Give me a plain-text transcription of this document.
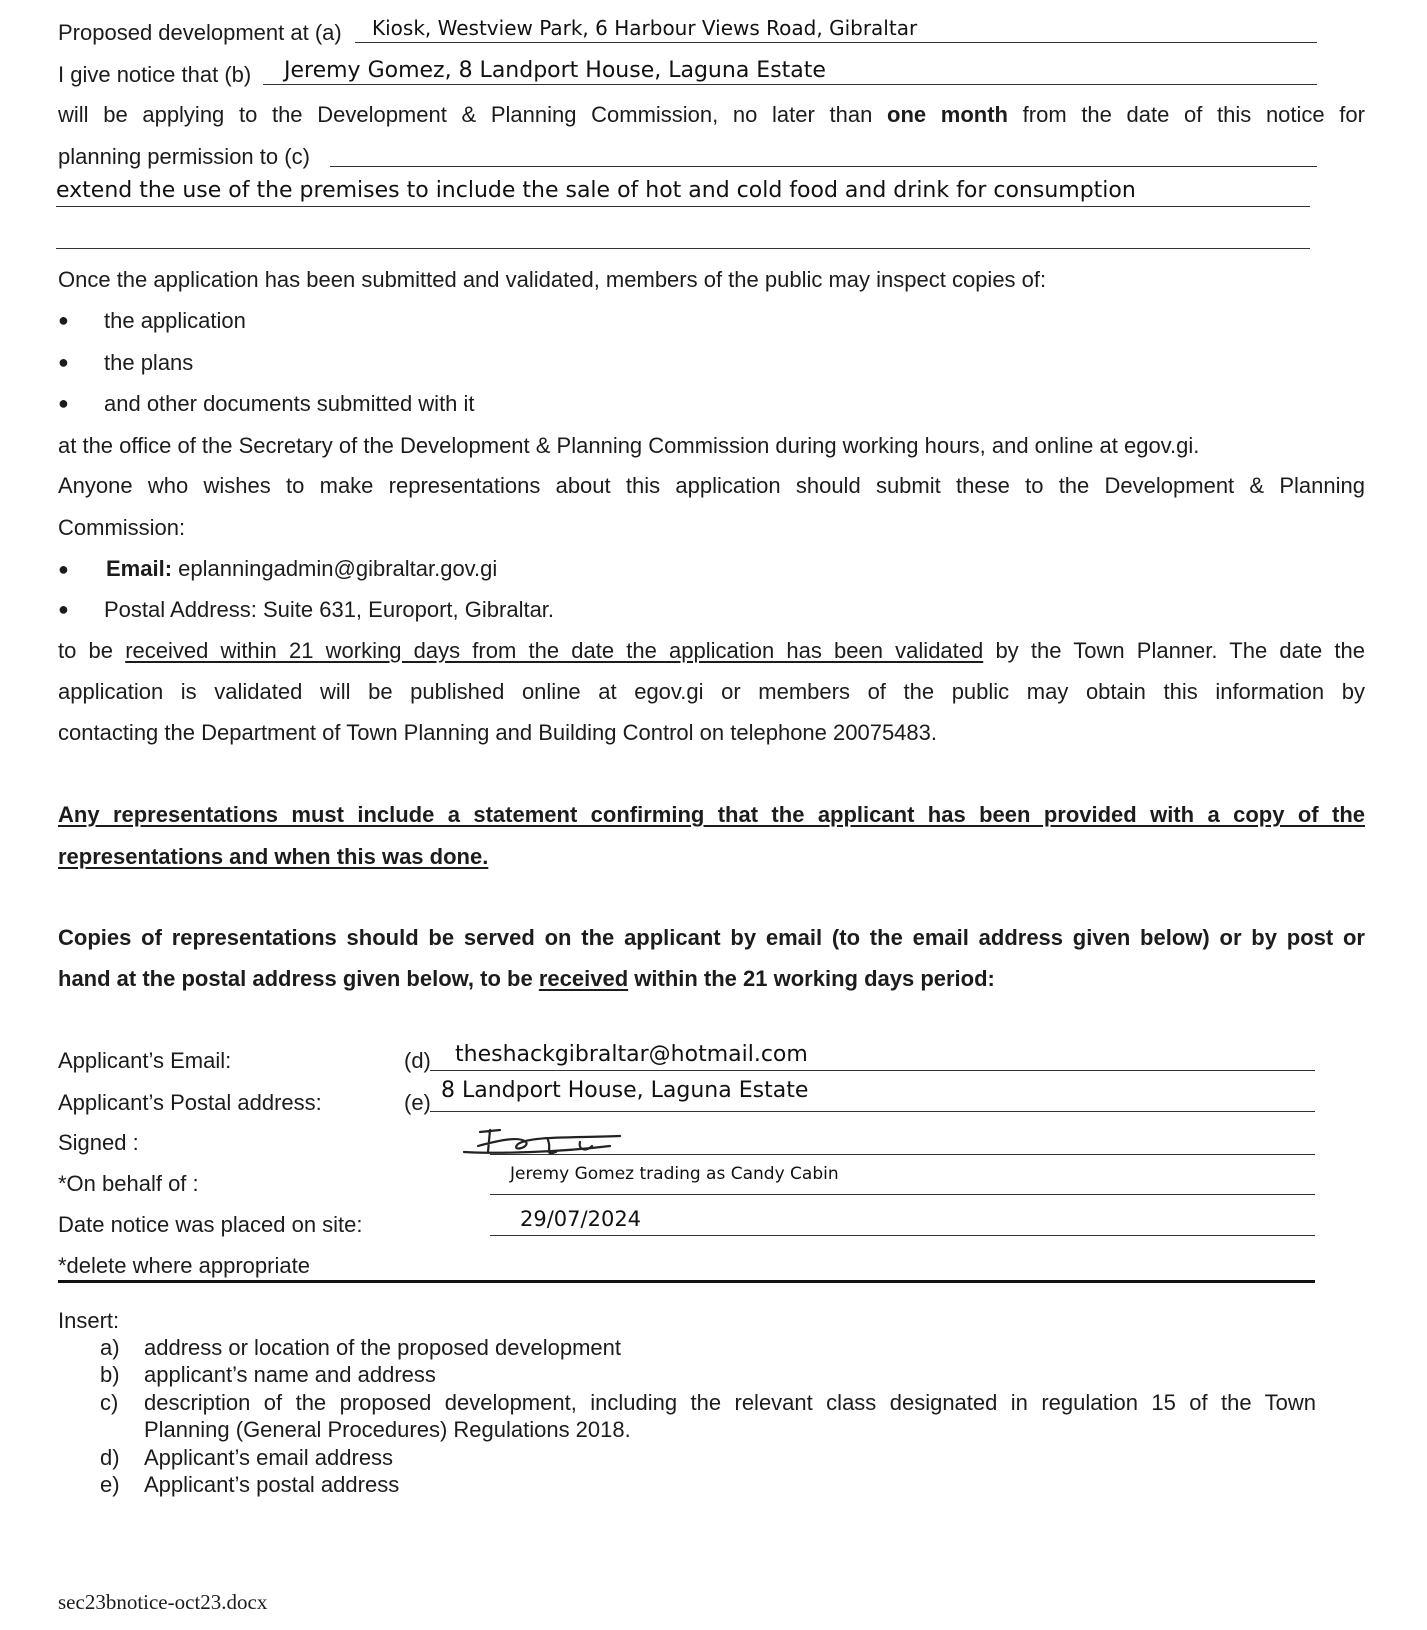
Proposed development at (a) Kiosk, Westview Park, 6 Harbour Views Road, Gibraltar
I give notice that (b) Jeremy Gomez, 8 Landport House, Laguna Estate
will be applying to the Development & Planning Commission, no later than one month from the date of this notice for
planning permission to (c)
extend the use of the premises to include the sale of hot and cold food and drink for consumption
Once the application has been submitted and validated, members of the public may inspect copies of:
● the application
● the plans
● and other documents submitted with it
at the office of the Secretary of the Development & Planning Commission during working hours, and online at egov.gi.
Anyone who wishes to make representations about this application should submit these to the Development & Planning
Commission:
● Email: eplanningadmin@gibraltar.gov.gi
● Postal Address: Suite 631, Europort, Gibraltar.
to be received within 21 working days from the date the application has been validated by the Town Planner. The date the
application is validated will be published online at egov.gi or members of the public may obtain this information by
contacting the Department of Town Planning and Building Control on telephone 20075483.
Any representations must include a statement confirming that the applicant has been provided with a copy of the
representations and when this was done.
Copies of representations should be served on the applicant by email (to the email address given below) or by post or
hand at the postal address given below, to be received within the 21 working days period:
Applicant’s Email:	(d) theshackgibraltar@hotmail.com
Applicant’s Postal address:	(e) 8 Landport House, Laguna Estate
Signed :
*On behalf of :	Jeremy Gomez trading as Candy Cabin
Date notice was placed on site:	29/07/2024
*delete where appropriate
Insert:
a) address or location of the proposed development
b) applicant’s name and address
c) description of the proposed development, including the relevant class designated in regulation 15 of the Town
Planning (General Procedures) Regulations 2018.
d) Applicant’s email address
e) Applicant’s postal address
sec23bnotice-oct23.docx
